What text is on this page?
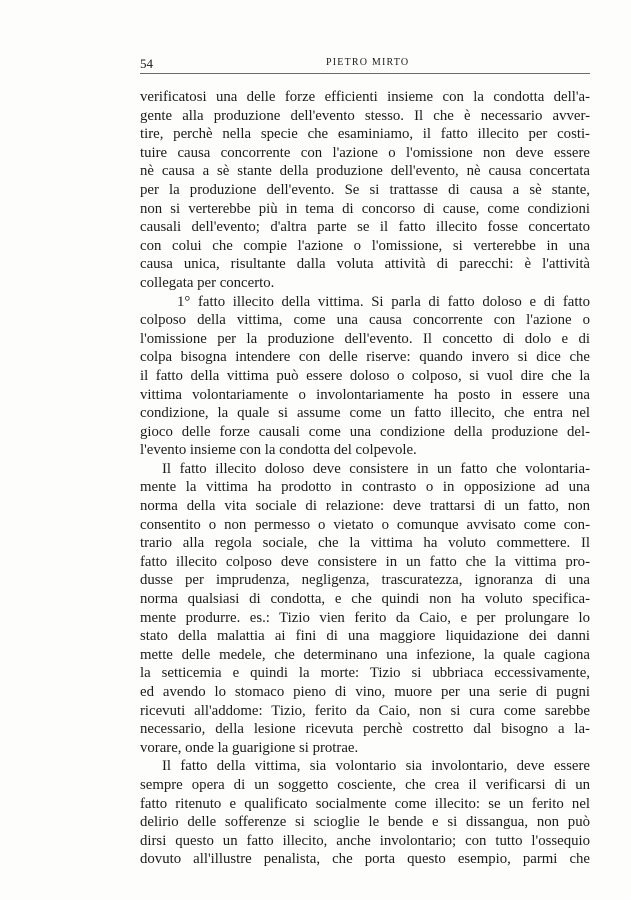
54	PIETRO MIRTO
verificatosi una delle forze efficienti insieme con la condotta dell'a-
gente alla produzione dell'evento stesso. Il che è necessario avver-
tire, perchè nella specie che esaminiamo, il fatto illecito per costi-
tuire causa concorrente con l'azione o l'omissione non deve essere
nè causa a sè stante della produzione dell'evento, nè causa concertata
per la produzione dell'evento. Se si trattasse di causa a sè stante,
non si verterebbe più in tema di concorso di cause, come condizioni
causali dell'evento; d'altra parte se il fatto illecito fosse concertato
con colui che compie l'azione o l'omissione, si verterebbe in una
causa unica, risultante dalla voluta attività di parecchi: è l'attività
collegata per concerto.
1° fatto illecito della vittima. Si parla di fatto doloso e di fatto
colposo della vittima, come una causa concorrente con l'azione o
l'omissione per la produzione dell'evento. Il concetto di dolo e di
colpa bisogna intendere con delle riserve: quando invero si dice che
il fatto della vittima può essere doloso o colposo, si vuol dire che la
vittima volontariamente o involontariamente ha posto in essere una
condizione, la quale si assume come un fatto illecito, che entra nel
gioco delle forze causali come una condizione della produzione del-
l'evento insieme con la condotta del colpevole.
Il fatto illecito doloso deve consistere in un fatto che volontaria-
mente la vittima ha prodotto in contrasto o in opposizione ad una
norma della vita sociale di relazione: deve trattarsi di un fatto, non
consentito o non permesso o vietato o comunque avvisato come con-
trario alla regola sociale, che la vittima ha voluto commettere. Il
fatto illecito colposo deve consistere in un fatto che la vittima pro-
dusse per imprudenza, negligenza, trascuratezza, ignoranza di una
norma qualsiasi di condotta, e che quindi non ha voluto specifica-
mente produrre. es.: Tizio vien ferito da Caio, e per prolungare lo
stato della malattia ai fini di una maggiore liquidazione dei danni
mette delle medele, che determinano una infezione, la quale cagiona
la setticemia e quindi la morte: Tizio si ubbriaca eccessivamente,
ed avendo lo stomaco pieno di vino, muore per una serie di pugni
ricevuti all'addome: Tizio, ferito da Caio, non si cura come sarebbe
necessario, della lesione ricevuta perchè costretto dal bisogno a la-
vorare, onde la guarigione si protrae.
Il fatto della vittima, sia volontario sia involontario, deve essere
sempre opera di un soggetto cosciente, che crea il verificarsi di un
fatto ritenuto e qualificato socialmente come illecito: se un ferito nel
delirio delle sofferenze si scioglie le bende e si dissangua, non può
dirsi questo un fatto illecito, anche involontario; con tutto l'ossequio
dovuto all'illustre penalista, che porta questo esempio, parmi che
